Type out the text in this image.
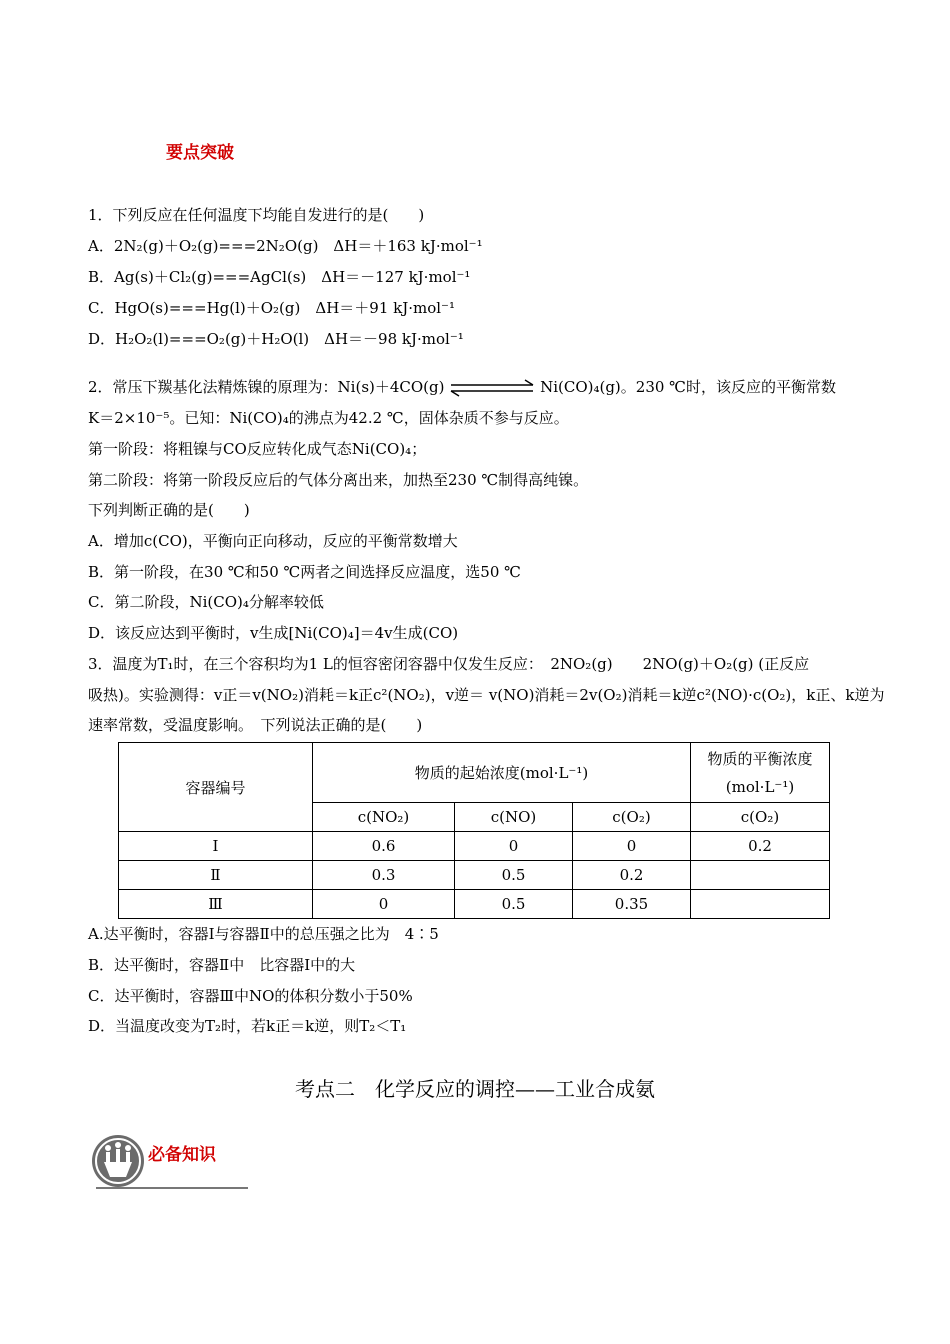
要点突破
1．下列反应在任何温度下均能自发进行的是(　　)
A．2N₂(g)＋O₂(g)===2N₂O(g)　ΔH＝＋163 kJ·mol⁻¹
B．Ag(s)＋Cl₂(g)===AgCl(s)　ΔH＝－127 kJ·mol⁻¹
C．HgO(s)===Hg(l)＋O₂(g)　ΔH＝＋91 kJ·mol⁻¹
D．H₂O₂(l)===O₂(g)＋H₂O(l)　ΔH＝－98 kJ·mol⁻¹
2．常压下羰基化法精炼镍的原理为：Ni(s)＋4CO(g)	Ni(CO)₄(g)。230 ℃时，该反应的平衡常数
K＝2×10⁻⁵。已知：Ni(CO)₄的沸点为42.2 ℃，固体杂质不参与反应。
第一阶段：将粗镍与CO反应转化成气态Ni(CO)₄；
第二阶段：将第一阶段反应后的气体分离出来，加热至230 ℃制得高纯镍。
下列判断正确的是(　　)
A．增加c(CO)，平衡向正向移动，反应的平衡常数增大
B．第一阶段，在30 ℃和50 ℃两者之间选择反应温度，选50 ℃
C．第二阶段，Ni(CO)₄分解率较低
D．该反应达到平衡时，v生成[Ni(CO)₄]＝4v生成(CO)
3．温度为T₁时，在三个容积均为1 L的恒容密闭容器中仅发生反应：　2NO₂(g)　　2NO(g)＋O₂(g) (正反应
吸热)。实验测得：v正＝v(NO₂)消耗＝k正c²(NO₂)，v逆＝ v(NO)消耗＝2v(O₂)消耗＝k逆c²(NO)·c(O₂)，k正、k逆为
速率常数，受温度影响。　下列说法正确的是(　　)
容器编号	物质的起始浓度(mol·L⁻¹)			物质的平衡浓度
(mol·L⁻¹)
	c(NO₂)	c(NO)	c(O₂)	c(O₂)
Ⅰ	0.6	0	0	0.2
Ⅱ	0.3	0.5	0.2	
Ⅲ	0	0.5	0.35	
A.达平衡时，容器Ⅰ与容器Ⅱ中的总压强之比为　4∶5
B．达平衡时，容器Ⅱ中　比容器Ⅰ中的大
C．达平衡时，容器Ⅲ中NO的体积分数小于50%
D．当温度改变为T₂时，若k正＝k逆，则T₂＜T₁
考点二　化学反应的调控——工业合成氨
必备知识
